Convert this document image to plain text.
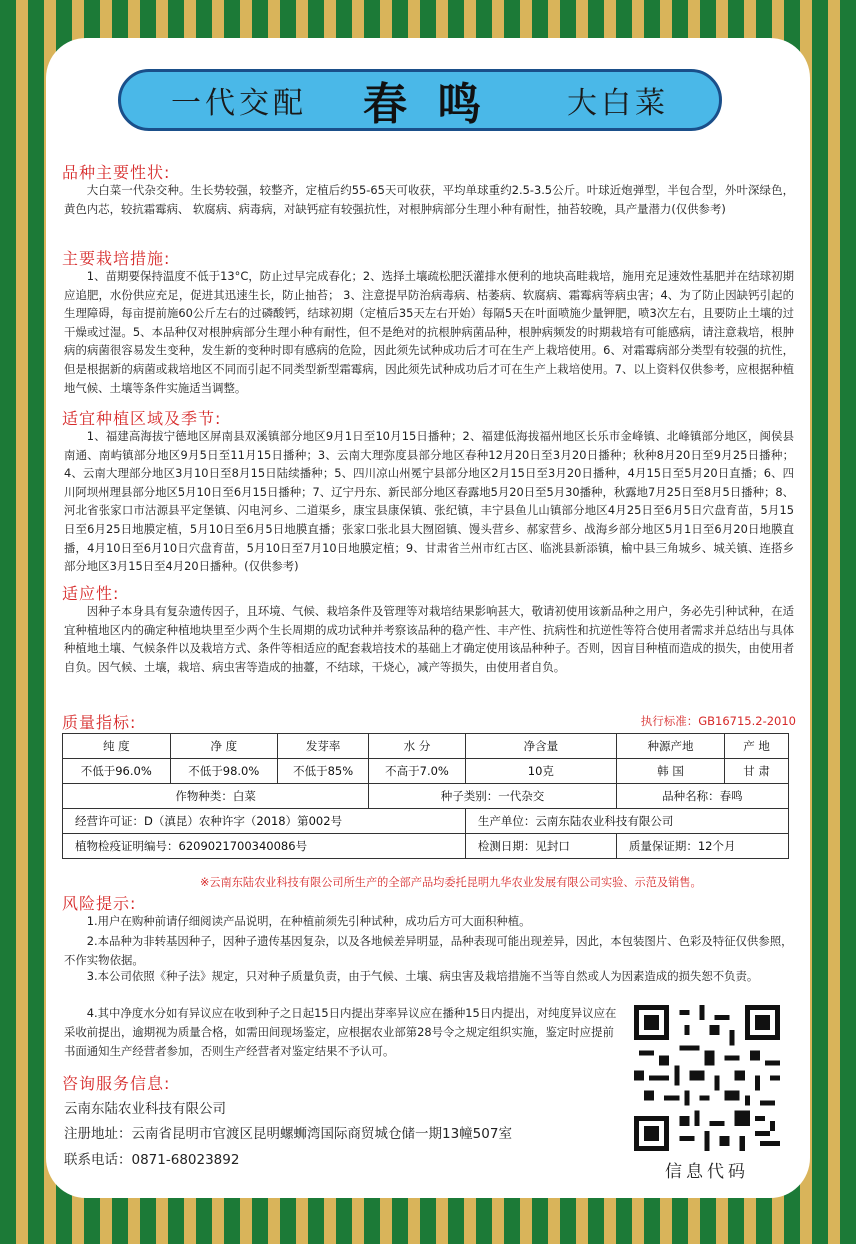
一代交配 春鸣 大白菜
品种主要性状:
大白菜一代杂交种。生长势较强，较整齐，定植后约55-65天可收获，平均单球重约2.5-3.5公斤。叶球近炮弹型，半包合型，外叶深绿色，黄色内芯，较抗霜霉病、 软腐病、病毒病，对缺钙症有较强抗性，对根肿病部分生理小种有耐性，抽苔较晚，具产量潜力(仅供参考)
主要栽培措施:
1、苗期要保持温度不低于13°C，防止过早完成春化；2、选择土壤疏松肥沃灌排水便利的地块高畦栽培，施用充足速效性基肥并在结球初期应追肥，水份供应充足，促进其迅速生长，防止抽苔； 3、注意提早防治病毒病、枯萎病、软腐病、霜霉病等病虫害；4、为了防止因缺钙引起的生理障碍，每亩提前施60公斤左右的过磷酸钙，结球初期（定植后35天左右开始）每隔5天在叶面喷施少量钾肥，喷3次左右，且要防止土壤的过干燥或过湿。5、本品种仅对根肿病部分生理小种有耐性，但不是绝对的抗根肿病菌品种，根肿病频发的时期栽培有可能感病，请注意栽培，根肿病的病菌很容易发生变种，发生新的变种时即有感病的危险，因此须先试种成功后才可在生产上栽培使用。6、对霜霉病部分类型有较强的抗性，但是根据新的病菌或栽培地区不同而引起不同类型新型霜霉病，因此须先试种成功后才可在生产上栽培使用。7、以上资料仅供参考，应根据种植地气候、土壤等条件实施适当调整。
适宜种植区域及季节:
1、福建高海拔宁德地区屏南县双溪镇部分地区9月1日至10月15日播种；2、福建低海拔福州地区长乐市金峰镇、北峰镇部分地区，闽侯县南通、南屿镇部分地区9月5日至11月15日播种；3、云南大理弥度县部分地区春种12月20日至3月20日播种；秋种8月20日至9月25日播种；4、云南大理部分地区3月10日至8月15日陆续播种；5、四川凉山州冕宁县部分地区2月15日至3月20日播种，4月15日至5月20日直播；6、四川阿坝州理县部分地区5月10日至6月15日播种；7、辽宁丹东、新民部分地区春露地5月20日至5月30播种，秋露地7月25日至8月5日播种；8、河北省张家口市沽源县平定堡镇、闪电河乡、二道渠乡，康宝县康保镇、张纪镇，丰宁县鱼儿山镇部分地区4月25日至6月5日穴盘育苗，5月15日至6月25日地膜定植，5月10日至6月5日地膜直播；张家口张北县大囫囵镇、馒头营乡、郝家营乡、战海乡部分地区5月1日至6月20日地膜直播，4月10日至6月10日穴盘育苗，5月10日至7月10日地膜定植；9、甘肃省兰州市红古区、临洮县新添镇，榆中县三角城乡、城关镇、连搭乡部分地区3月15日至4月20日播种。(仅供参考)
适应性:
因种子本身具有复杂遗传因子，且环境、气候、栽培条件及管理等对栽培结果影响甚大，敬请初使用该新品种之用户，务必先引种试种，在适宜种植地区内的确定种植地块里至少两个生长周期的成功试种并考察该品种的稳产性、丰产性、抗病性和抗逆性等符合使用者需求并总结出与具体种植地土壤、气候条件以及栽培方式、条件等相适应的配套栽培技术的基础上才确定使用该品种种子。否则，因盲目种植而造成的损失，由使用者自负。因气候、土壤，栽培、病虫害等造成的抽薹，不结球，干烧心，减产等损失，由使用者自负。
质量指标:	执行标准：GB16715.2-2010
纯 度	净 度	发芽率	水 分	净含量	种源产地	产 地
不低于96.0%	不低于98.0%	不低于85%	不高于7.0%	10克	韩 国	甘 肃
作物种类：白菜			种子类别：一代杂交		品种名称：春鸣	
经营许可证：D（滇昆）农种许字（2018）第002号				生产单位：云南东陆农业科技有限公司		
植物检疫证明编号：6209021700340086号				检测日期：见封口	质量保证期：12个月	
※云南东陆农业科技有限公司所生产的全部产品均委托昆明九华农业发展有限公司实验、示范及销售。
风险提示:
1.用户在购种前请仔细阅读产品说明，在种植前须先引种试种，成功后方可大面积种植。
2.本品种为非转基因种子，因种子遗传基因复杂，以及各地候差异明显，品种表现可能出现差异，因此，本包装图片、色彩及特征仅供参照，不作实物依据。
3.本公司依照《种子法》规定，只对种子质量负责，由于气候、土壤、病虫害及栽培措施不当等自然或人为因素造成的损失恕不负责。
4.其中净度水分如有异议应在收到种子之日起15日内提出芽率异议应在播种15日内提出，对纯度异议应在采收前提出，逾期视为质量合格，如需田间现场鉴定，应根据农业部第28号令之规定组织实施，鉴定时应提前书面通知生产经营者参加，否则生产经营者对鉴定结果不予认可。
咨询服务信息:
云南东陆农业科技有限公司
注册地址：云南省昆明市官渡区昆明螺蛳湾国际商贸城仓储一期13幢507室
联系电话：0871-68023892
信息代码
